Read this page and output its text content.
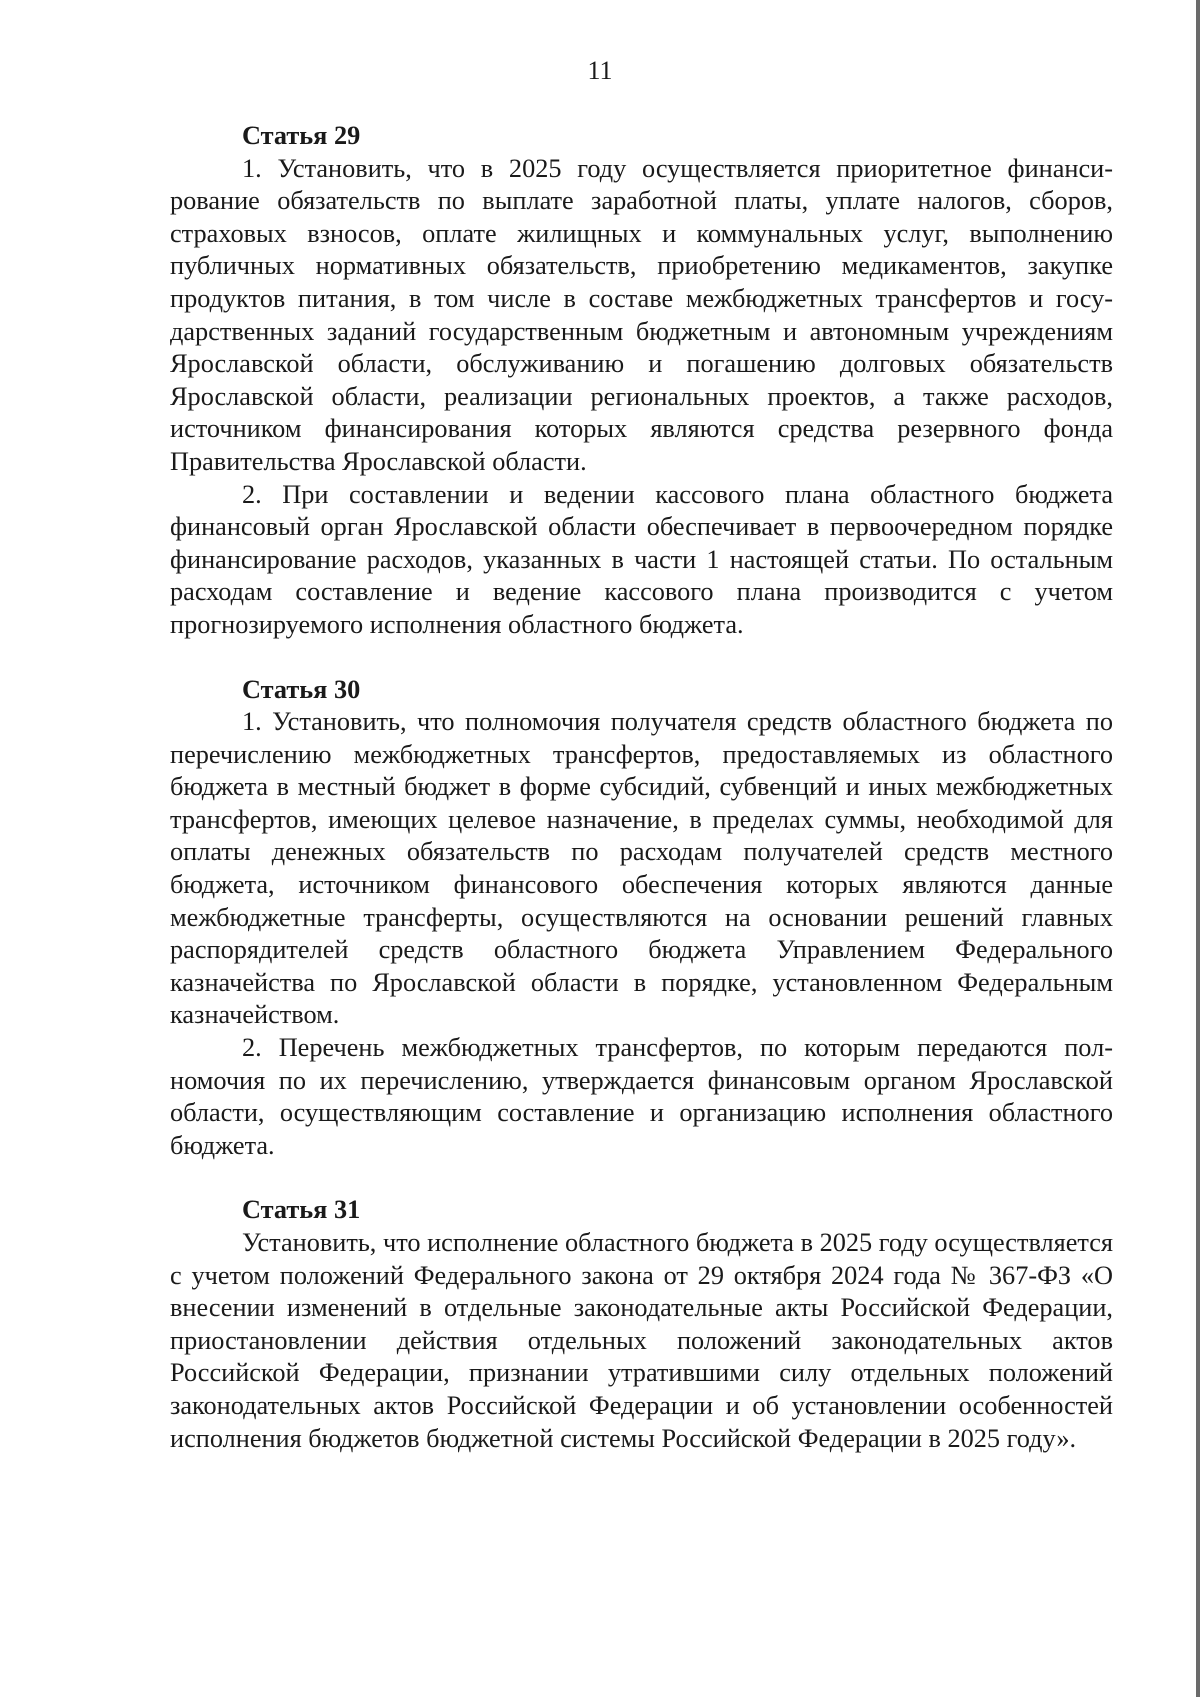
11
Статья 29

1. Установить, что в 2025 году осуществляется приоритетное финансирование обязательств по выплате заработной платы, уплате налогов, сборов, страховых взносов, оплате жилищных и коммунальных услуг, выполнению публичных нормативных обязательств, приобретению медикаментов, закупке продуктов питания, в том числе в составе межбюджетных трансфертов и государственных заданий государственным бюджетным и автономным учреждениям Ярославской области, обслуживанию и погашению долговых обязательств Ярославской области, реализации региональных проектов, а также расходов, источником финансирования которых являются средства резервного фонда Правительства Ярославской области.

2. При составлении и ведении кассового плана областного бюджета финансовый орган Ярославской области обеспечивает в первоочередном порядке финансирование расходов, указанных в части 1 настоящей статьи. По остальным расходам составление и ведение кассового плана производится с учетом прогнозируемого исполнения областного бюджета.

Статья 30

1. Установить, что полномочия получателя средств областного бюджета по перечислению межбюджетных трансфертов, предоставляемых из областного бюджета в местный бюджет в форме субсидий, субвенций и иных межбюджетных трансфертов, имеющих целевое назначение, в пределах суммы, необходимой для оплаты денежных обязательств по расходам получателей средств местного бюджета, источником финансового обеспечения которых являются данные межбюджетные трансферты, осуществляются на основании решений главных распорядителей средств областного бюджета Управлением Федерального казначейства по Ярославской области в порядке, установленном Федеральным казначейством.

2. Перечень межбюджетных трансфертов, по которым передаются полномочия по их перечислению, утверждается финансовым органом Ярославской области, осуществляющим составление и организацию исполнения областного бюджета.

Статья 31

Установить, что исполнение областного бюджета в 2025 году осуществляется с учетом положений Федерального закона от 29 октября 2024 года № 367-ФЗ «О внесении изменений в отдельные законодательные акты Российской Федерации, приостановлении действия отдельных положений законодательных актов Российской Федерации, признании утратившими силу отдельных положений законодательных актов Российской Федерации и об установлении особенностей исполнения бюджетов бюджетной системы Российской Федерации в 2025 году».
